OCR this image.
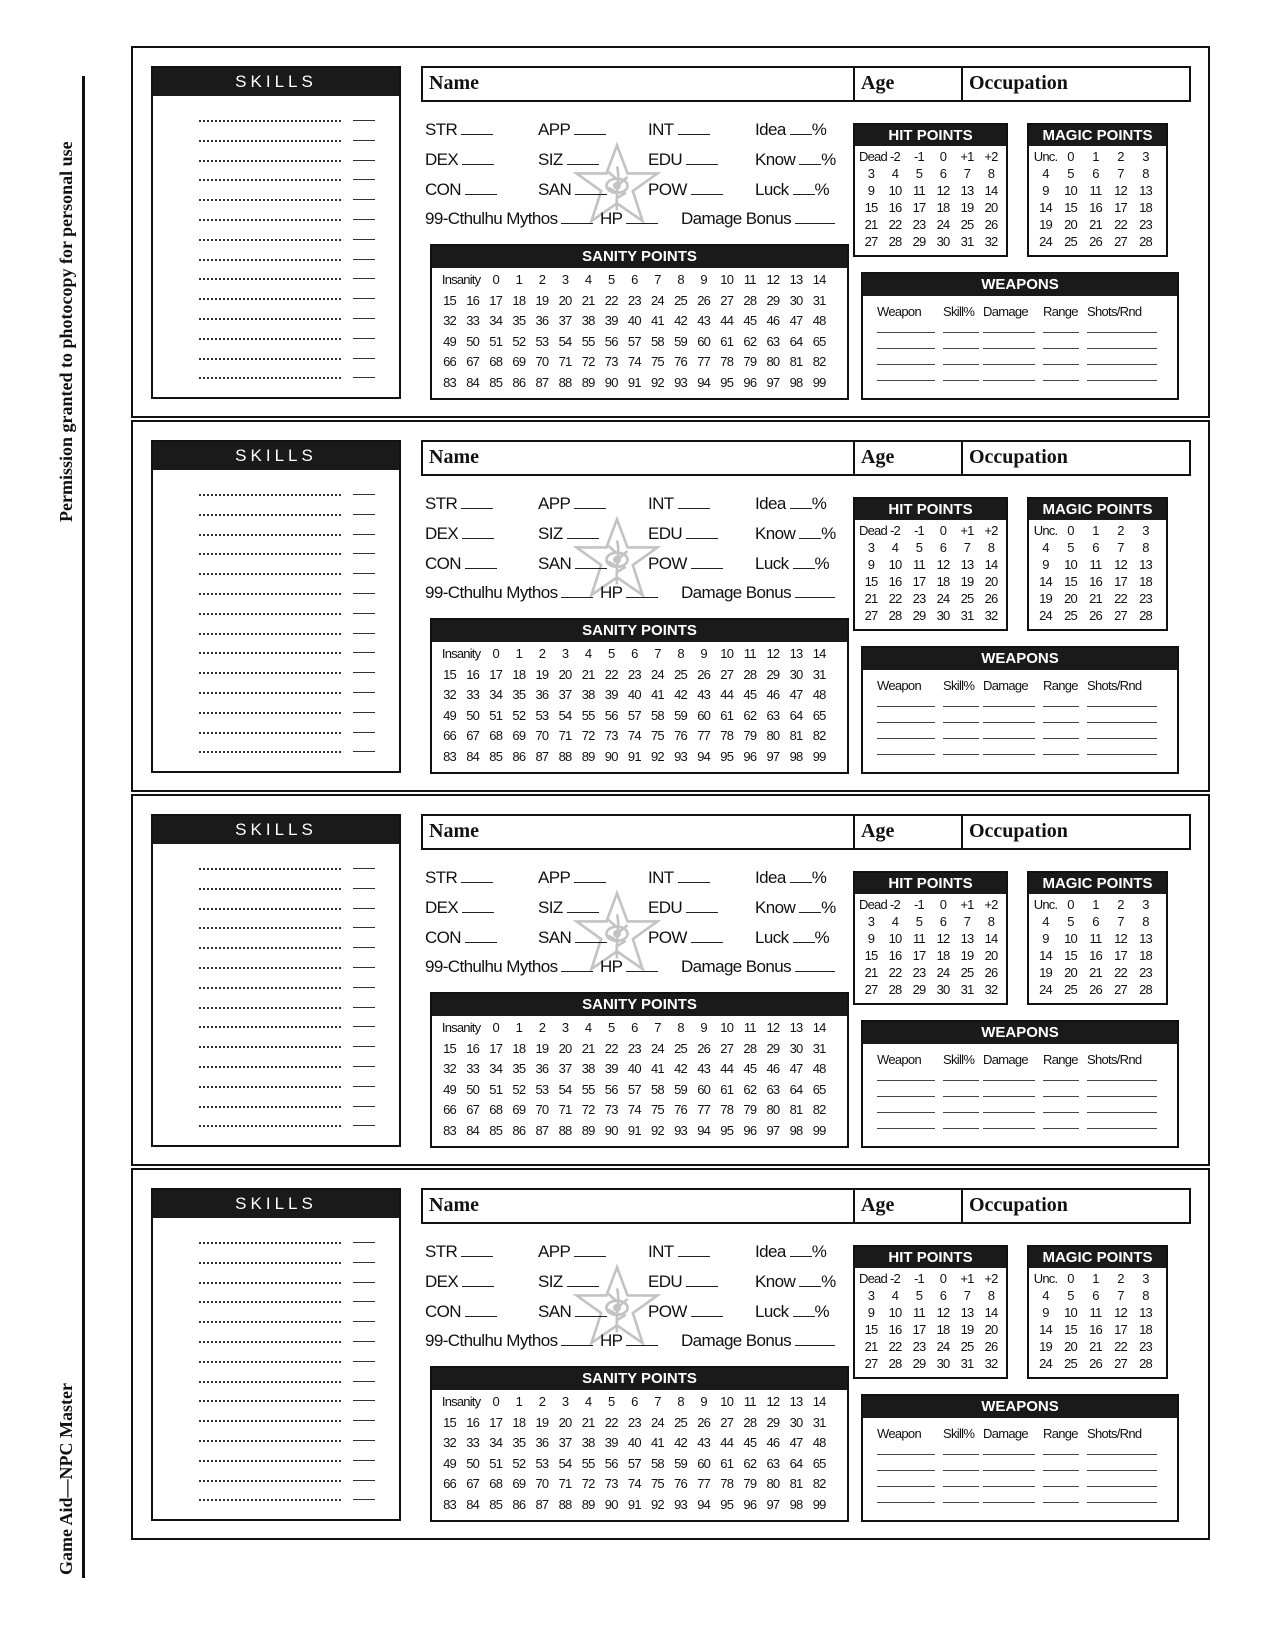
Permission granted to photocopy for personal use
Game Aid—NPC Master
SKILLS	Name	Age	Occupation
STR	APP	INT	Idea %
DEX	SIZ	EDU	Know %
CON	SAN	POW	Luck %
99-Cthulhu Mythos	HP	Damage Bonus
SANITY POINTS
Insanity 0	1	2	3	4	5	6	7	8	9	10 11 12 13 14
15 16 17 18 19 20 21 22 23 24 25 26 27 28 29 30 31
32 33 34 35 36 37 38 39 40 41 42 43 44 45 46 47 48
49 50 51 52 53 54 55 56 57 58 59 60 61 62 63 64 65
66 67 68 69 70 71 72 73 74 75 76 77 78 79 80 81 82
83 84 85 86 87 88 89 90 91 92 93 94 95 96 97 98 99
HIT POINTS
Dead -2	-1	0	+1 +2
3	4	5	6	7	8
9	10 11 12 13 14
15 16 17 18 19 20
21 22 23 24 25 26
27 28 29 30 31 32
MAGIC POINTS
Unc. 0	1	2	3
4	5	6	7	8
9	10 11 12 13
14 15 16 17 18
19 20 21 22 23
24 25 26 27 28
WEAPONS
Weapon Skill% Damage Range Shots/Rnd
SKILLS	Name	Age	Occupation
STR	APP	INT	Idea %
DEX	SIZ	EDU	Know %
CON	SAN	POW	Luck %
99-Cthulhu Mythos	HP	Damage Bonus
SANITY POINTS
Insanity 0	1	2	3	4	5	6	7	8	9	10 11 12 13 14
15 16 17 18 19 20 21 22 23 24 25 26 27 28 29 30 31
32 33 34 35 36 37 38 39 40 41 42 43 44 45 46 47 48
49 50 51 52 53 54 55 56 57 58 59 60 61 62 63 64 65
66 67 68 69 70 71 72 73 74 75 76 77 78 79 80 81 82
83 84 85 86 87 88 89 90 91 92 93 94 95 96 97 98 99
HIT POINTS
Dead -2	-1	0	+1 +2
3	4	5	6	7	8
9	10 11 12 13 14
15 16 17 18 19 20
21 22 23 24 25 26
27 28 29 30 31 32
MAGIC POINTS
Unc. 0	1	2	3
4	5	6	7	8
9	10 11 12 13
14 15 16 17 18
19 20 21 22 23
24 25 26 27 28
WEAPONS
Weapon Skill% Damage Range Shots/Rnd
SKILLS	Name	Age	Occupation
STR	APP	INT	Idea %
DEX	SIZ	EDU	Know %
CON	SAN	POW	Luck %
99-Cthulhu Mythos	HP	Damage Bonus
SANITY POINTS
Insanity 0	1	2	3	4	5	6	7	8	9	10 11 12 13 14
15 16 17 18 19 20 21 22 23 24 25 26 27 28 29 30 31
32 33 34 35 36 37 38 39 40 41 42 43 44 45 46 47 48
49 50 51 52 53 54 55 56 57 58 59 60 61 62 63 64 65
66 67 68 69 70 71 72 73 74 75 76 77 78 79 80 81 82
83 84 85 86 87 88 89 90 91 92 93 94 95 96 97 98 99
HIT POINTS
Dead -2	-1	0	+1 +2
3	4	5	6	7	8
9	10 11 12 13 14
15 16 17 18 19 20
21 22 23 24 25 26
27 28 29 30 31 32
MAGIC POINTS
Unc. 0	1	2	3
4	5	6	7	8
9	10 11 12 13
14 15 16 17 18
19 20 21 22 23
24 25 26 27 28
WEAPONS
Weapon Skill% Damage Range Shots/Rnd
SKILLS	Name	Age	Occupation
STR	APP	INT	Idea %
DEX	SIZ	EDU	Know %
CON	SAN	POW	Luck %
99-Cthulhu Mythos	HP	Damage Bonus
SANITY POINTS
Insanity 0	1	2	3	4	5	6	7	8	9	10 11 12 13 14
15 16 17 18 19 20 21 22 23 24 25 26 27 28 29 30 31
32 33 34 35 36 37 38 39 40 41 42 43 44 45 46 47 48
49 50 51 52 53 54 55 56 57 58 59 60 61 62 63 64 65
66 67 68 69 70 71 72 73 74 75 76 77 78 79 80 81 82
83 84 85 86 87 88 89 90 91 92 93 94 95 96 97 98 99
HIT POINTS
Dead -2	-1	0	+1 +2
3	4	5	6	7	8
9	10 11 12 13 14
15 16 17 18 19 20
21 22 23 24 25 26
27 28 29 30 31 32
MAGIC POINTS
Unc. 0	1	2	3
4	5	6	7	8
9	10 11 12 13
14 15 16 17 18
19 20 21 22 23
24 25 26 27 28
WEAPONS
Weapon Skill% Damage Range Shots/Rnd
